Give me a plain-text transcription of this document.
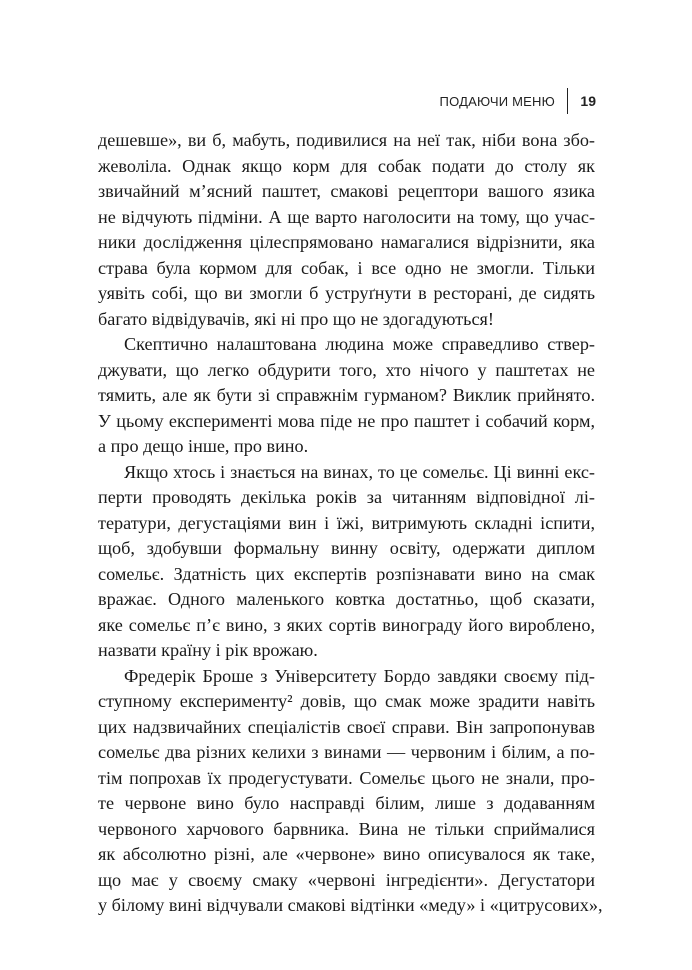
ПОДАЮЧИ МЕНЮ 19
дешевше», ви б, мабуть, подивилися на неї так, ніби вона збо-
жеволіла. Однак якщо корм для собак подати до столу як
звичайний м’ясний паштет, смакові рецептори вашого язика
не відчують підміни. А ще варто наголосити на тому, що учас-
ники дослідження цілеспрямовано намагалися відрізнити, яка
страва була кормом для собак, і все одно не змогли. Тільки
уявіть собі, що ви змогли б уструґнути в ресторані, де сидять
багато відвідувачів, які ні про що не здогадуються!
Скептично налаштована людина може справедливо ствер-
джувати, що легко обдурити того, хто нічого у паштетах не
тямить, але як бути зі справжнім гурманом? Виклик прийнято.
У цьому експерименті мова піде не про паштет і собачий корм,
а про дещо інше, про вино.
Якщо хтось і знається на винах, то це сомельє. Ці винні екс-
перти проводять декілька років за читанням відповідної лі-
тератури, дегустаціями вин і їжі, витримують складні іспити,
щоб, здобувши формальну винну освіту, одержати диплом
сомельє. Здатність цих експертів розпізнавати вино на смак
вражає. Одного маленького ковтка достатньо, щоб сказати,
яке сомельє п’є вино, з яких сортів винограду його вироблено,
назвати країну і рік врожаю.
Фредерік Броше з Університету Бордо завдяки своєму під-
ступному експерименту² довів, що смак може зрадити навіть
цих надзвичайних спеціалістів своєї справи. Він запропонував
сомельє два різних келихи з винами — червоним і білим, а по-
тім попрохав їх продегустувати. Сомельє цього не знали, про-
те червоне вино було насправді білим, лише з додаванням
червоного харчового барвника. Вина не тільки сприймалися
як абсолютно різні, але «червоне» вино описувалося як таке,
що має у своєму смаку «червоні інгредієнти». Дегустатори
у білому вині відчували смакові відтінки «меду» і «цитрусових»,
